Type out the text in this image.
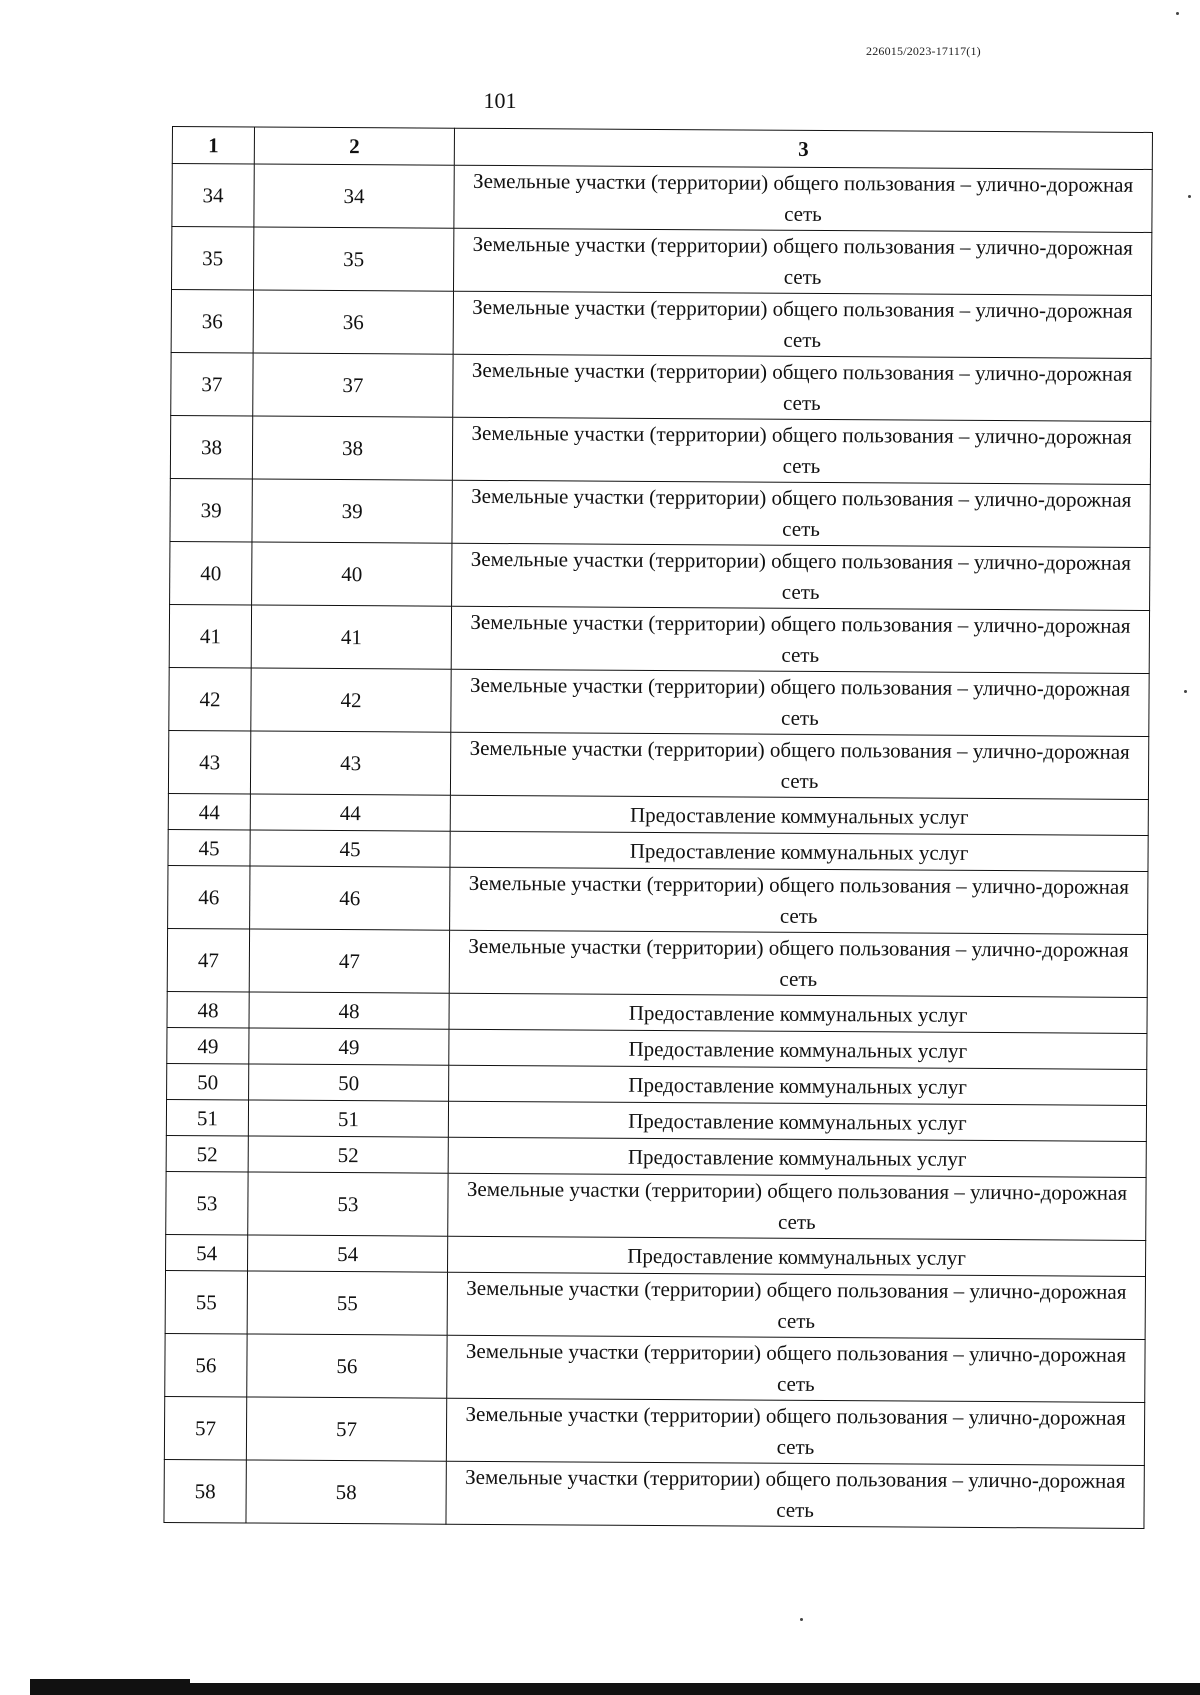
226015/2023-17117(1)
101
1	2	3
34	34	Земельные участки (территории) общего пользования – улично-дорожная сеть
35	35	Земельные участки (территории) общего пользования – улично-дорожная сеть
36	36	Земельные участки (территории) общего пользования – улично-дорожная сеть
37	37	Земельные участки (территории) общего пользования – улично-дорожная сеть
38	38	Земельные участки (территории) общего пользования – улично-дорожная сеть
39	39	Земельные участки (территории) общего пользования – улично-дорожная сеть
40	40	Земельные участки (территории) общего пользования – улично-дорожная сеть
41	41	Земельные участки (территории) общего пользования – улично-дорожная сеть
42	42	Земельные участки (территории) общего пользования – улично-дорожная сеть
43	43	Земельные участки (территории) общего пользования – улично-дорожная сеть
44	44	Предоставление коммунальных услуг
45	45	Предоставление коммунальных услуг
46	46	Земельные участки (территории) общего пользования – улично-дорожная сеть
47	47	Земельные участки (территории) общего пользования – улично-дорожная сеть
48	48	Предоставление коммунальных услуг
49	49	Предоставление коммунальных услуг
50	50	Предоставление коммунальных услуг
51	51	Предоставление коммунальных услуг
52	52	Предоставление коммунальных услуг
53	53	Земельные участки (территории) общего пользования – улично-дорожная сеть
54	54	Предоставление коммунальных услуг
55	55	Земельные участки (территории) общего пользования – улично-дорожная сеть
56	56	Земельные участки (территории) общего пользования – улично-дорожная сеть
57	57	Земельные участки (территории) общего пользования – улично-дорожная сеть
58	58	Земельные участки (территории) общего пользования – улично-дорожная сеть
